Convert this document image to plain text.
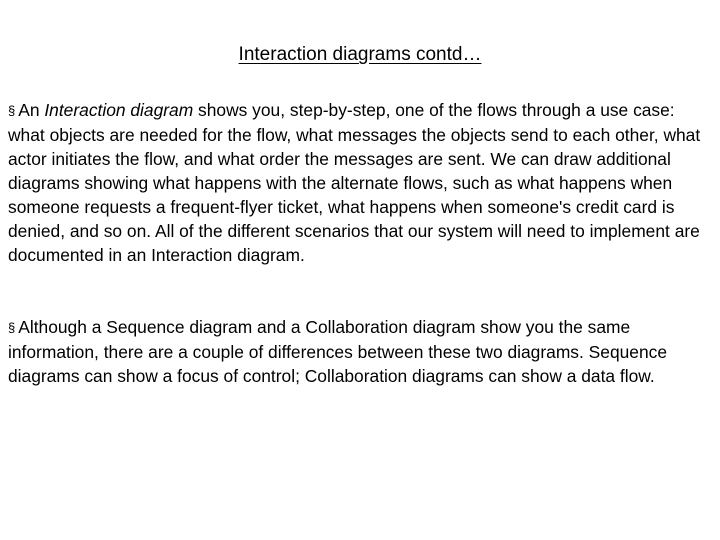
Interaction diagrams contd…

§ An Interaction diagram shows you, step-by-step, one of the flows through a use case: what objects are needed for the flow, what messages the objects send to each other, what actor initiates the flow, and what order the messages are sent. We can draw additional diagrams showing what happens with the alternate flows, such as what happens when someone requests a frequent-flyer ticket, what happens when someone's credit card is denied, and so on. All of the different scenarios that our system will need to implement are documented in an Interaction diagram.

§ Although a Sequence diagram and a Collaboration diagram show you the same information, there are a couple of differences between these two diagrams. Sequence diagrams can show a focus of control; Collaboration diagrams can show a data flow.
